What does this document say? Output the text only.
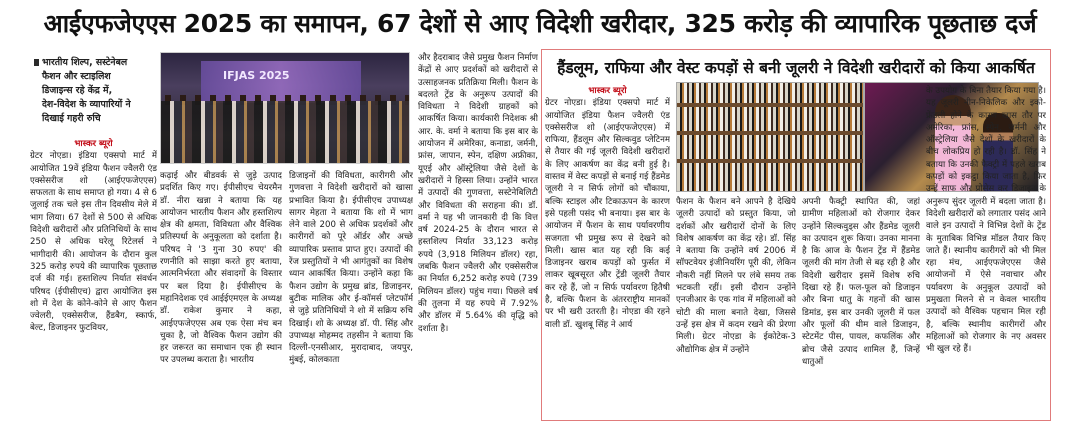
आईएफजेएएस 2025 का समापन, 67 देशों से आए विदेशी खरीदार, 325 करोड़ की व्यापारिक पूछताछ दर्ज
भारतीय शिल्प, सस्टेनेबल
फैशन और स्टाइलिश
डिजाइन्स रहे केंद्र में,
देश-विदेश के व्यापारियों ने
दिखाई गहरी रुचि
भास्कर ब्यूरो

ग्रेटर नोएडा। इंडिया एक्सपो मार्ट में आयोजित 19वें इंडिया फैशन ज्वैलरी एंड एक्सेसरीज शो (आईएफजेएएस) सफलता के साथ समाप्त हो गया। 4 से 6 जुलाई तक चले इस तीन दिवसीय मेले में भाग लिया। 67 देशों से 500 से अधिक विदेशी खरीदारों और प्रतिनिधियों के साथ 250 से अधिक घरेलू रिटेलर्स ने भागीदारी की। आयोजन के दौरान कुल 325 करोड़ रुपये की व्यापारिक पूछताछ दर्ज की गई। हस्तशिल्प निर्यात संवर्धन परिषद (ईपीसीएच) द्वारा आयोजित इस शो में देश के कोने-कोने से आए फैशन ज्वेलरी, एक्सेसरीज, हैंडबैग, स्कार्फ, बेल्ट, डिजाइनर फुटवियर,

IFJAS 2025

कढ़ाई और बीडवर्क से जुड़े उत्पाद प्रदर्शित किए गए। ईपीसीएच चेयरमैन डॉ. नीरा खन्ना ने बताया कि यह आयोजन भारतीय फैशन और हस्तशिल्प क्षेत्र की क्षमता, विविधता और वैश्विक प्रतिस्पर्धा के अनुकूलता को दर्शाता है। परिषद ने '3 गुना 30 रुपए' की रणनीति को साझा करते हुए बताया, आत्मनिर्भरता और संवादगों के विस्तार पर बल दिया है। ईपीसीएच के महानिदेशक एवं आईईएमएल के अध्यक्ष डॉ. राकेश कुमार ने कहा, आईएफजेएएस अब एक ऐसा मंच बन चुका है, जो वैश्विक फैशन उद्योग की हर जरूरत का समाधान एक ही स्थान पर उपलब्ध कराता है। भारतीय

डिजाइनों की विविधता, कारीगरी और गुणवत्ता ने विदेशी खरीदारों को खासा प्रभावित किया है। ईपीसीएच उपाध्यक्ष सागर मेहता ने बताया कि शो में भाग लेने वाले 200 से अधिक प्रदर्शकों और कारीगरों को पूरे ऑर्डर और अच्छे व्यापारिक प्रस्ताव प्राप्त हुए। उत्पादों की रेंज प्रस्तुतियों ने भी आगंतुकों का विशेष ध्यान आकर्षित किया। उन्होंने कहा कि फैशन उद्योग के प्रमुख ब्रांड, डिजाइनर, बुटीक मालिक और ई-कॉमर्स प्लेटफॉर्म से जुड़े प्रतिनिधियों ने शो में सक्रिय रुचि दिखाई। शो के अध्यक्ष डॉ. पी. सिंह और उपाध्यक्ष मोहम्मद तहसीन ने बताया कि दिल्ली-एनसीआर, मुरादाबाद, जयपुर, मुंबई, कोलकाता

और हैदराबाद जैसे प्रमुख फैशन निर्माण केंद्रों से आए प्रदर्शकों को खरीदारों से उत्साहजनक प्रतिक्रिया मिली। फैशन के बदलते ट्रेंड के अनुरूप उत्पादों की विविधता ने विदेशी ग्राहकों को आकर्षित किया। कार्यकारी निदेशक श्री आर. के. वर्मा ने बताया कि इस बार के आयोजन में अमेरिका, कनाडा, जर्मनी, फ्रांस, जापान, स्पेन, दक्षिण अफ्रीका, यूएई और ऑस्ट्रेलिया जैसे देशों के खरीदारों ने हिस्सा लिया। उन्होंने भारत में उत्पादों की गुणवत्ता, सस्टेनेबिलिटी और विविधता की सराहना की। डॉ. वर्मा ने यह भी जानकारी दी कि वित्त वर्ष 2024-25 के दौरान भारत से हस्तशिल्प निर्यात 33,123 करोड़ रुपये (3,918 मिलियन डॉलर) रहा, जबकि फैशन ज्वैलरी और एक्सेसरीज का निर्यात 6,252 करोड़ रुपये (739 मिलियन डॉलर) पहुंच गया। पिछले वर्ष की तुलना में यह रुपये में 7.92% और डॉलर में 5.64% की वृद्धि को दर्शाता है।

हैंडलूम, राफिया और वेस्ट कपड़ों से बनी जूलरी ने विदेशी खरीदारों को किया आकर्षित
भास्कर ब्यूरो

ग्रेटर नोएडा। इंडिया एक्सपो मार्ट में आयोजित इंडिया फैशन ज्वैलरी एंड एक्सेसरीज शो (आईएफजेएएस) में राफिया, हैंडलूम और सिल्कवुड प्लेटिनम से तैयार की गई जूलरी विदेशी खरीदारों के लिए आकर्षण का केंद्र बनी हुई है। वास्तव में वेस्ट कपड़ों से बनाई गई हैंडमेड जूलरी ने न सिर्फ लोगों को चौंकाया, बल्कि स्टाइल और टिकाऊपन के कारण इसे पहली पसंद भी बनाया। इस बार के आयोजन में फैशन के साथ पर्यावरणीय सजगता भी प्रमुख रूप से देखने को मिली। खास बात यह रही कि कई डिजाइनर खराब कपड़ों को फुर्सत में लाकर खूबसूरत और ट्रेंडी जूलरी तैयार कर रहे हैं, जो न सिर्फ पर्यावरण हितैषी है, बल्कि फैशन के अंतरराष्ट्रीय मानकों पर भी खरी उतरती है। नोएडा की रहने वाली डॉ. खुशबू सिंह ने आर्य

फैशन के फैशन बने आपने है देखिये जूलरी उत्पादों को प्रस्तुत किया, जो दर्शकों और खरीदारों दोनों के लिए विशेष आकर्षण का केंद्र रहे। डॉ. सिंह ने बताया कि उन्होंने वर्ष 2006 में सॉफ्टवेयर इंजीनियरिंग पूरी की, लेकिन नौकरी नहीं मिलने पर लंबे समय तक भटकती रहीं। इसी दौरान उन्होंने एनजीआर के एक गांव में महिलाओं को चोटी की माला बनाते देखा, जिससे उन्हें इस क्षेत्र में कदम रखने की प्रेरणा मिली। ग्रेटर नोएडा के ईकोटेक-3 औद्योगिक क्षेत्र में उन्होंने

अपनी फैक्ट्री स्थापित की, जहां ग्रामीण महिलाओं को रोजगार देकर उन्होंने सिल्कवुड्स और हैंडमेड जूलरी का उत्पादन शुरू किया। उनका मानना है कि आज के फैशन ट्रेंड में हैंडमेड जूलरी की मांग तेजी से बढ़ रही है और विदेशी खरीदार इसमें विशेष रुचि दिखा रहे हैं। फल-फूल को डिजाइन और बिना धातु के गहनों की खास डिमांड, इस बार उनकी जूलरी में फल और फूलों की थीम वाले डिजाइन, स्टेटमेंट पीस, पायल, कफलिंक और ब्रोच जैसे उत्पाद शामिल हैं, जिन्हें धातुओं

के उपयोग के बिना तैयार किया गया है। यह जूलरी नीन-निकेलिक और इको-फ्रेंडली होने के कारण खास तौर पर अमेरिका, फ्रांस, स्पेन, जर्मनी और ऑस्ट्रेलिया जैसे देशों के खरीदारों के बीच लोकप्रिय हो रही है। डॉ. सिंह ने बताया कि उनकी फैक्ट्री में पहले खराब कपड़ों को इकट्ठा किया जाता है, फिर उन्हें साफ और प्रोसेस कर डिजाइन के अनुरूप सुंदर जूलरी में बदला जाता है। विदेशी खरीदारों को लगातार पसंद आने वाले इन उत्पादों ने विभिन्न देशों के ट्रेंड के मुताबिक विभिन्न मॉडल तैयार किए जाते हैं। स्थानीय कारीगरों को भी मिल रहा मंच, आईएफजेएएस जैसे आयोजनों में ऐसे नवाचार और पर्यावरण के अनुकूल उत्पादों को प्रमुखता मिलने से न केवल भारतीय उत्पादों को वैश्विक पहचान मिल रही है, बल्कि स्थानीय कारीगरों और महिलाओं को रोजगार के नए अवसर भी खुल रहे हैं।
